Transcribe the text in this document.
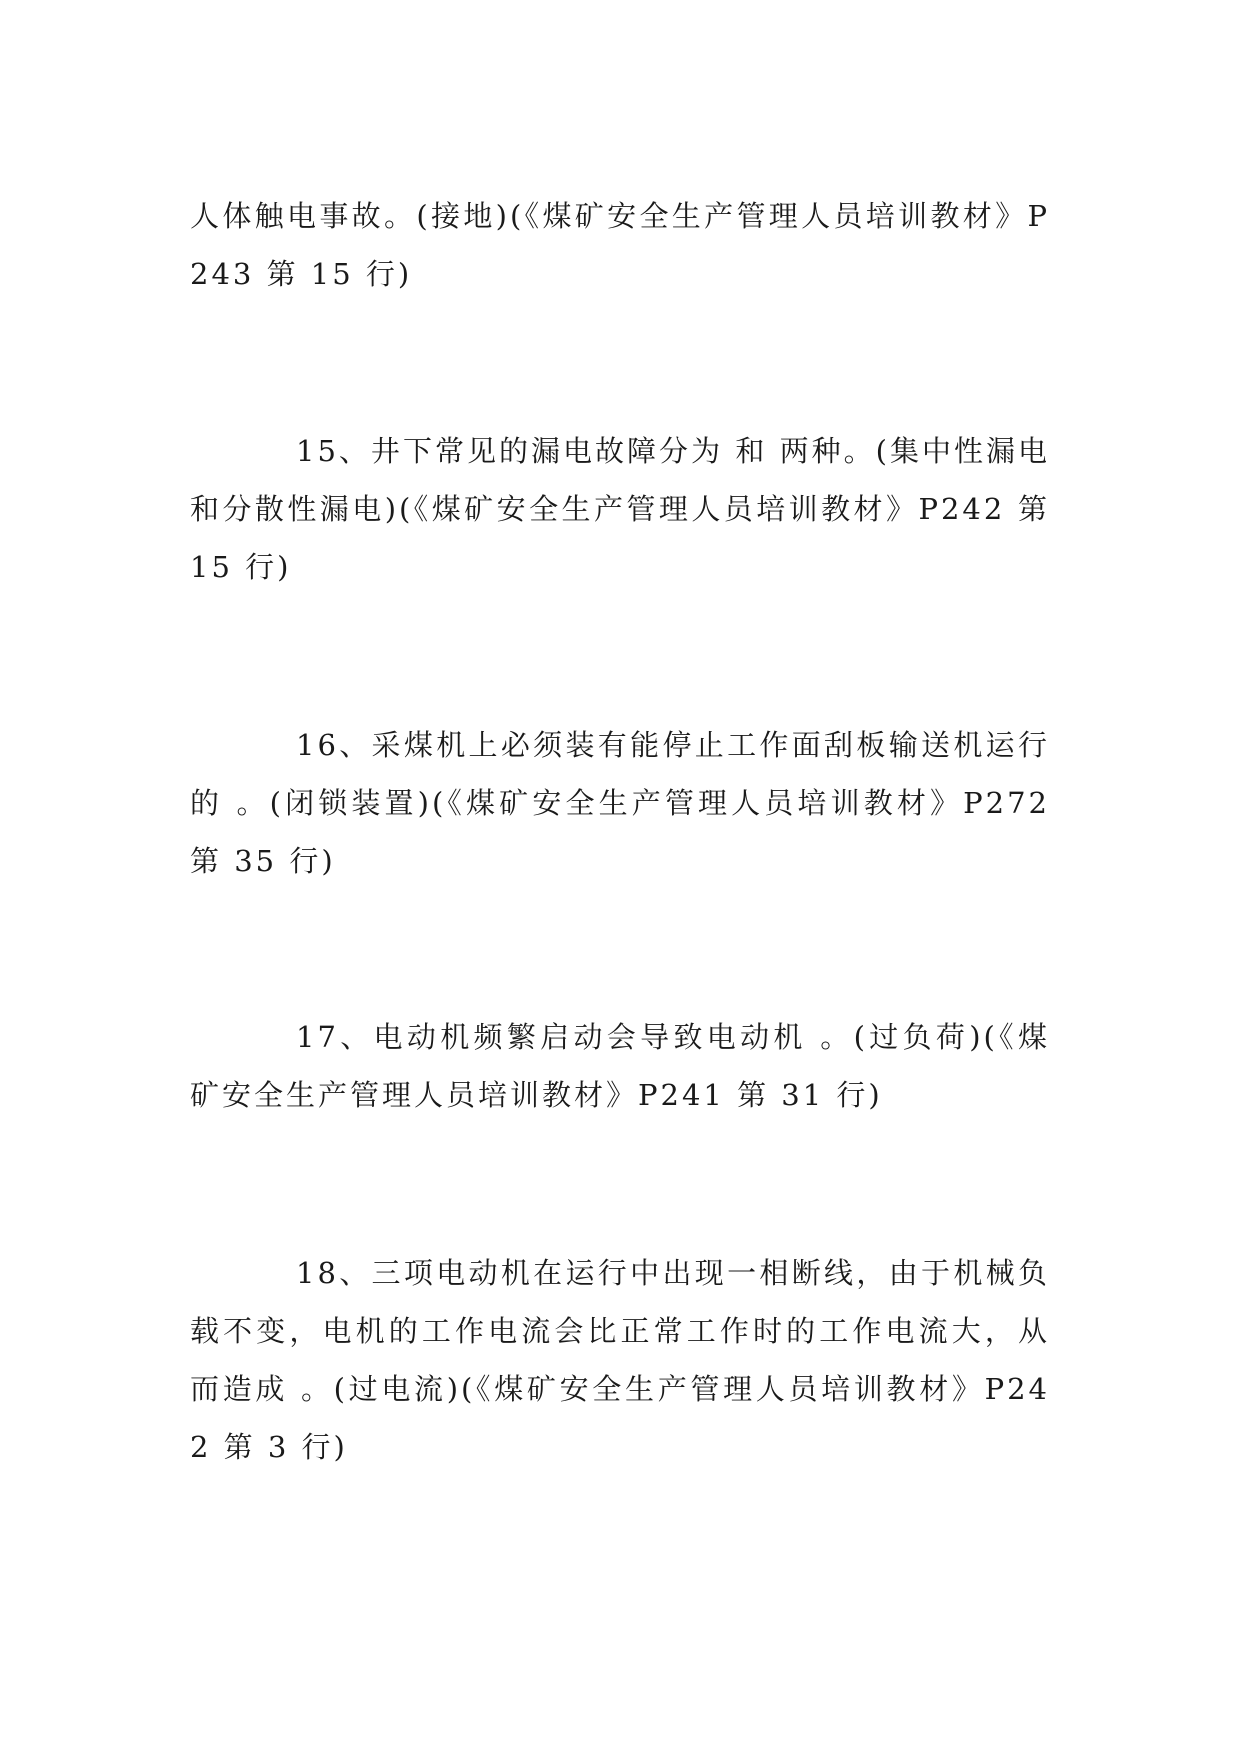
人体触电事故。(接地)(《煤矿安全生产管理人员培训教材》P243 第 15 行)

15、井下常见的漏电故障分为 和 两种。(集中性漏电和分散性漏电)(《煤矿安全生产管理人员培训教材》P242 第 15 行)

16、采煤机上必须装有能停止工作面刮板输送机运行的 。(闭锁装置)(《煤矿安全生产管理人员培训教材》P272 第 35 行)

17、电动机频繁启动会导致电动机 。(过负荷)(《煤矿安全生产管理人员培训教材》P241 第 31 行)

18、三项电动机在运行中出现一相断线，由于机械负载不变，电机的工作电流会比正常工作时的工作电流大，从而造成 。(过电流)(《煤矿安全生产管理人员培训教材》P242 第 3 行)
